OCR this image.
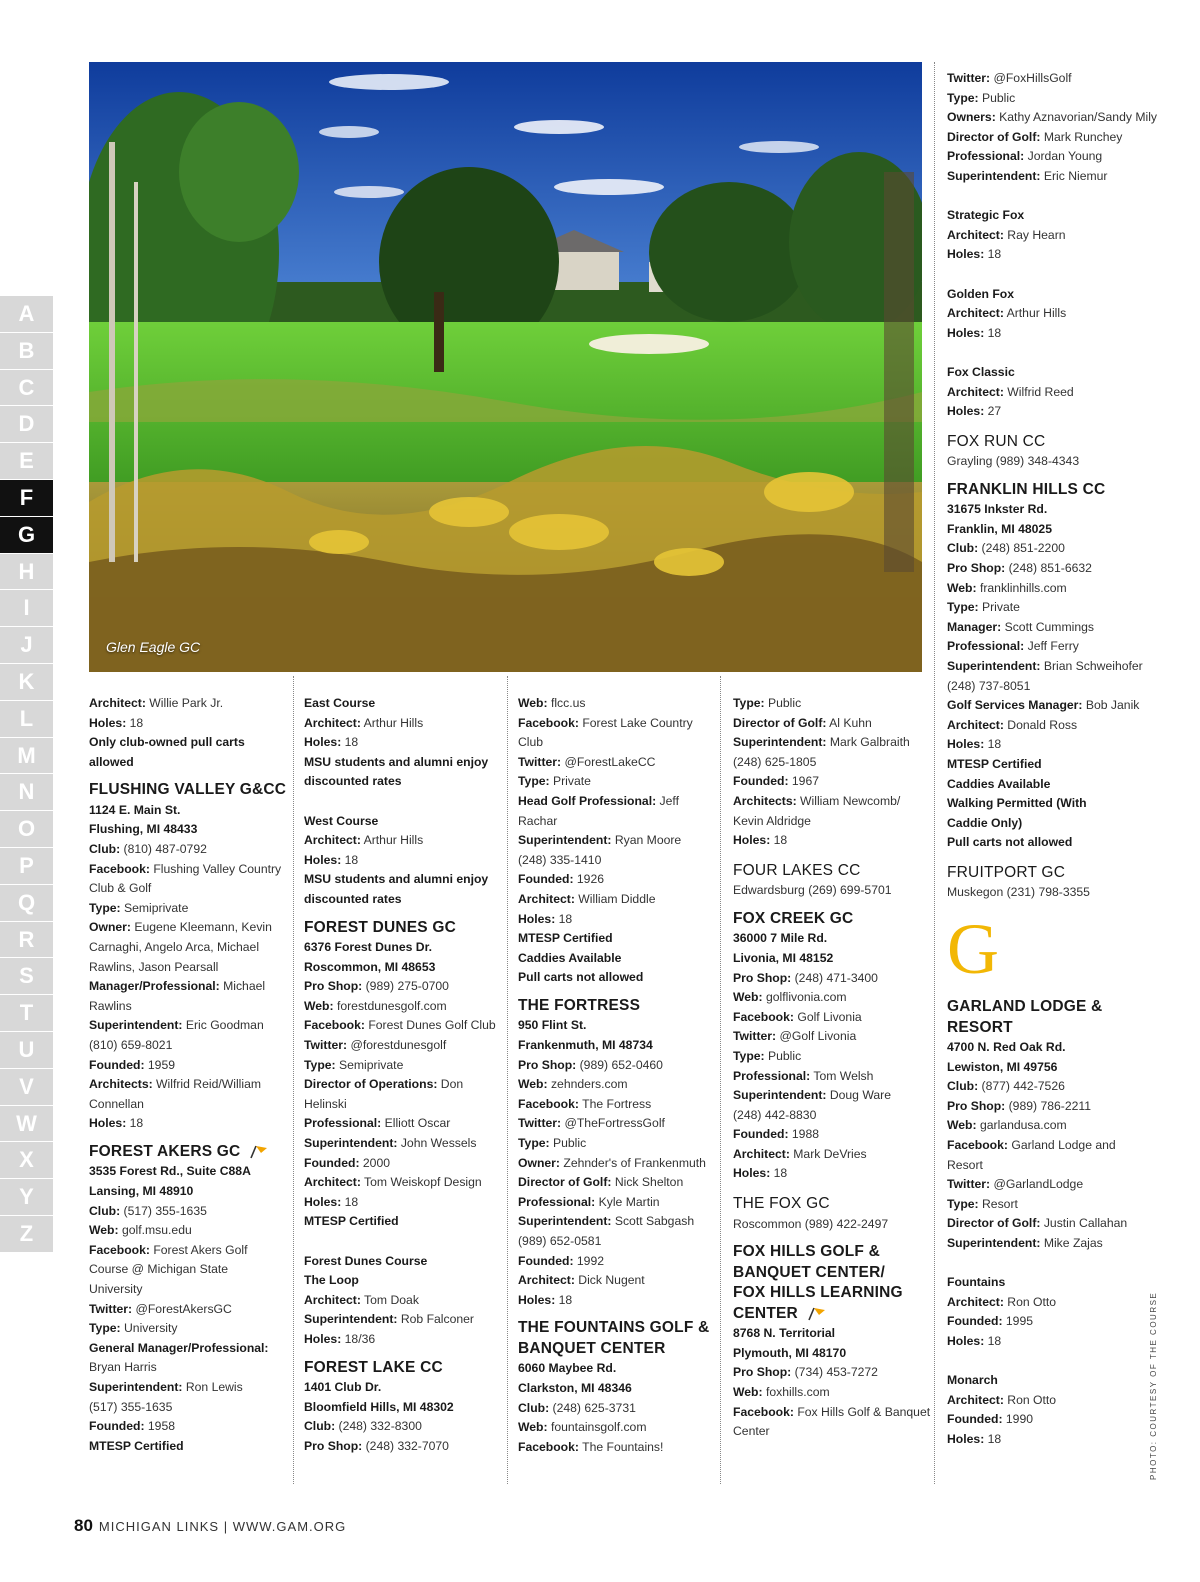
Glen Eagle GC
A
B
C
D
E
F
G
H
I
J
K
L
M
N
O
P
Q
R
S
T
U
V
W
X
Y
Z
Architect: Willie Park Jr.
Holes: 18
Only club-owned pull carts
allowed
FLUSHING VALLEY G&CC
1124 E. Main St.
Flushing, MI 48433
Club: (810) 487-0792
Facebook: Flushing Valley Country
Club & Golf
Type: Semiprivate
Owner: Eugene Kleemann, Kevin
Carnaghi, Angelo Arca, Michael
Rawlins, Jason Pearsall
Manager/Professional: Michael
Rawlins
Superintendent: Eric Goodman
(810) 659-8021
Founded: 1959
Architects: Wilfrid Reid/William
Connellan
Holes: 18
FOREST AKERS GC
3535 Forest Rd., Suite C88A
Lansing, MI 48910
Club: (517) 355-1635
Web: golf.msu.edu
Facebook: Forest Akers Golf
Course @ Michigan State
University
Twitter: @ForestAkersGC
Type: University
General Manager/Professional:
Bryan Harris
Superintendent: Ron Lewis
(517) 355-1635
Founded: 1958
MTESP Certified
East Course
Architect: Arthur Hills
Holes: 18
MSU students and alumni enjoy
discounted rates
West Course
Architect: Arthur Hills
Holes: 18
MSU students and alumni enjoy
discounted rates
FOREST DUNES GC
6376 Forest Dunes Dr.
Roscommon, MI 48653
Pro Shop: (989) 275-0700
Web: forestdunesgolf.com
Facebook: Forest Dunes Golf Club
Twitter: @forestdunesgolf
Type: Semiprivate
Director of Operations: Don
Helinski
Professional: Elliott Oscar
Superintendent: John Wessels
Founded: 2000
Architect: Tom Weiskopf Design
Holes: 18
MTESP Certified
Forest Dunes Course
The Loop
Architect: Tom Doak
Superintendent: Rob Falconer
Holes: 18/36
FOREST LAKE CC
1401 Club Dr.
Bloomfield Hills, MI 48302
Club: (248) 332-8300
Pro Shop: (248) 332-7070
Web: flcc.us
Facebook: Forest Lake Country
Club
Twitter: @ForestLakeCC
Type: Private
Head Golf Professional: Jeff
Rachar
Superintendent: Ryan Moore
(248) 335-1410
Founded: 1926
Architect: William Diddle
Holes: 18
MTESP Certified
Caddies Available
Pull carts not allowed
THE FORTRESS
950 Flint St.
Frankenmuth, MI 48734
Pro Shop: (989) 652-0460
Web: zehnders.com
Facebook: The Fortress
Twitter: @TheFortressGolf
Type: Public
Owner: Zehnder's of Frankenmuth
Director of Golf: Nick Shelton
Professional: Kyle Martin
Superintendent: Scott Sabgash
(989) 652-0581
Founded: 1992
Architect: Dick Nugent
Holes: 18
THE FOUNTAINS GOLF &
BANQUET CENTER
6060 Maybee Rd.
Clarkston, MI 48346
Club: (248) 625-3731
Web: fountainsgolf.com
Facebook: The Fountains!
Type: Public
Director of Golf: Al Kuhn
Superintendent: Mark Galbraith
(248) 625-1805
Founded: 1967
Architects: William Newcomb/
Kevin Aldridge
Holes: 18
FOUR LAKES CC
Edwardsburg (269) 699-5701
FOX CREEK GC
36000 7 Mile Rd.
Livonia, MI 48152
Pro Shop: (248) 471-3400
Web: golflivonia.com
Facebook: Golf Livonia
Twitter: @Golf Livonia
Type: Public
Professional: Tom Welsh
Superintendent: Doug Ware
(248) 442-8830
Founded: 1988
Architect: Mark DeVries
Holes: 18
THE FOX GC
Roscommon (989) 422-2497
FOX HILLS GOLF &
BANQUET CENTER/
FOX HILLS LEARNING
CENTER
8768 N. Territorial
Plymouth, MI 48170
Pro Shop: (734) 453-7272
Web: foxhills.com
Facebook: Fox Hills Golf & Banquet
Center
Twitter: @FoxHillsGolf
Type: Public
Owners: Kathy Aznavorian/Sandy Mily
Director of Golf: Mark Runchey
Professional: Jordan Young
Superintendent: Eric Niemur
Strategic Fox
Architect: Ray Hearn
Holes: 18
Golden Fox
Architect: Arthur Hills
Holes: 18
Fox Classic
Architect: Wilfrid Reed
Holes: 27
FOX RUN CC
Grayling (989) 348-4343
FRANKLIN HILLS CC
31675 Inkster Rd.
Franklin, MI 48025
Club: (248) 851-2200
Pro Shop: (248) 851-6632
Web: franklinhills.com
Type: Private
Manager: Scott Cummings
Professional: Jeff Ferry
Superintendent: Brian Schweihofer
(248) 737-8051
Golf Services Manager: Bob Janik
Architect: Donald Ross
Holes: 18
MTESP Certified
Caddies Available
Walking Permitted (With
Caddie Only)
Pull carts not allowed
FRUITPORT GC
Muskegon (231) 798-3355
G
GARLAND LODGE &
RESORT
4700 N. Red Oak Rd.
Lewiston, MI 49756
Club: (877) 442-7526
Pro Shop: (989) 786-2211
Web: garlandusa.com
Facebook: Garland Lodge and
Resort
Twitter: @GarlandLodge
Type: Resort
Director of Golf: Justin Callahan
Superintendent: Mike Zajas
Fountains
Architect: Ron Otto
Founded: 1995
Holes: 18
Monarch
Architect: Ron Otto
Founded: 1990
Holes: 18
80 MICHIGAN LINKS | WWW.GAM.ORG
PHOTO: COURTESY OF THE COURSE
